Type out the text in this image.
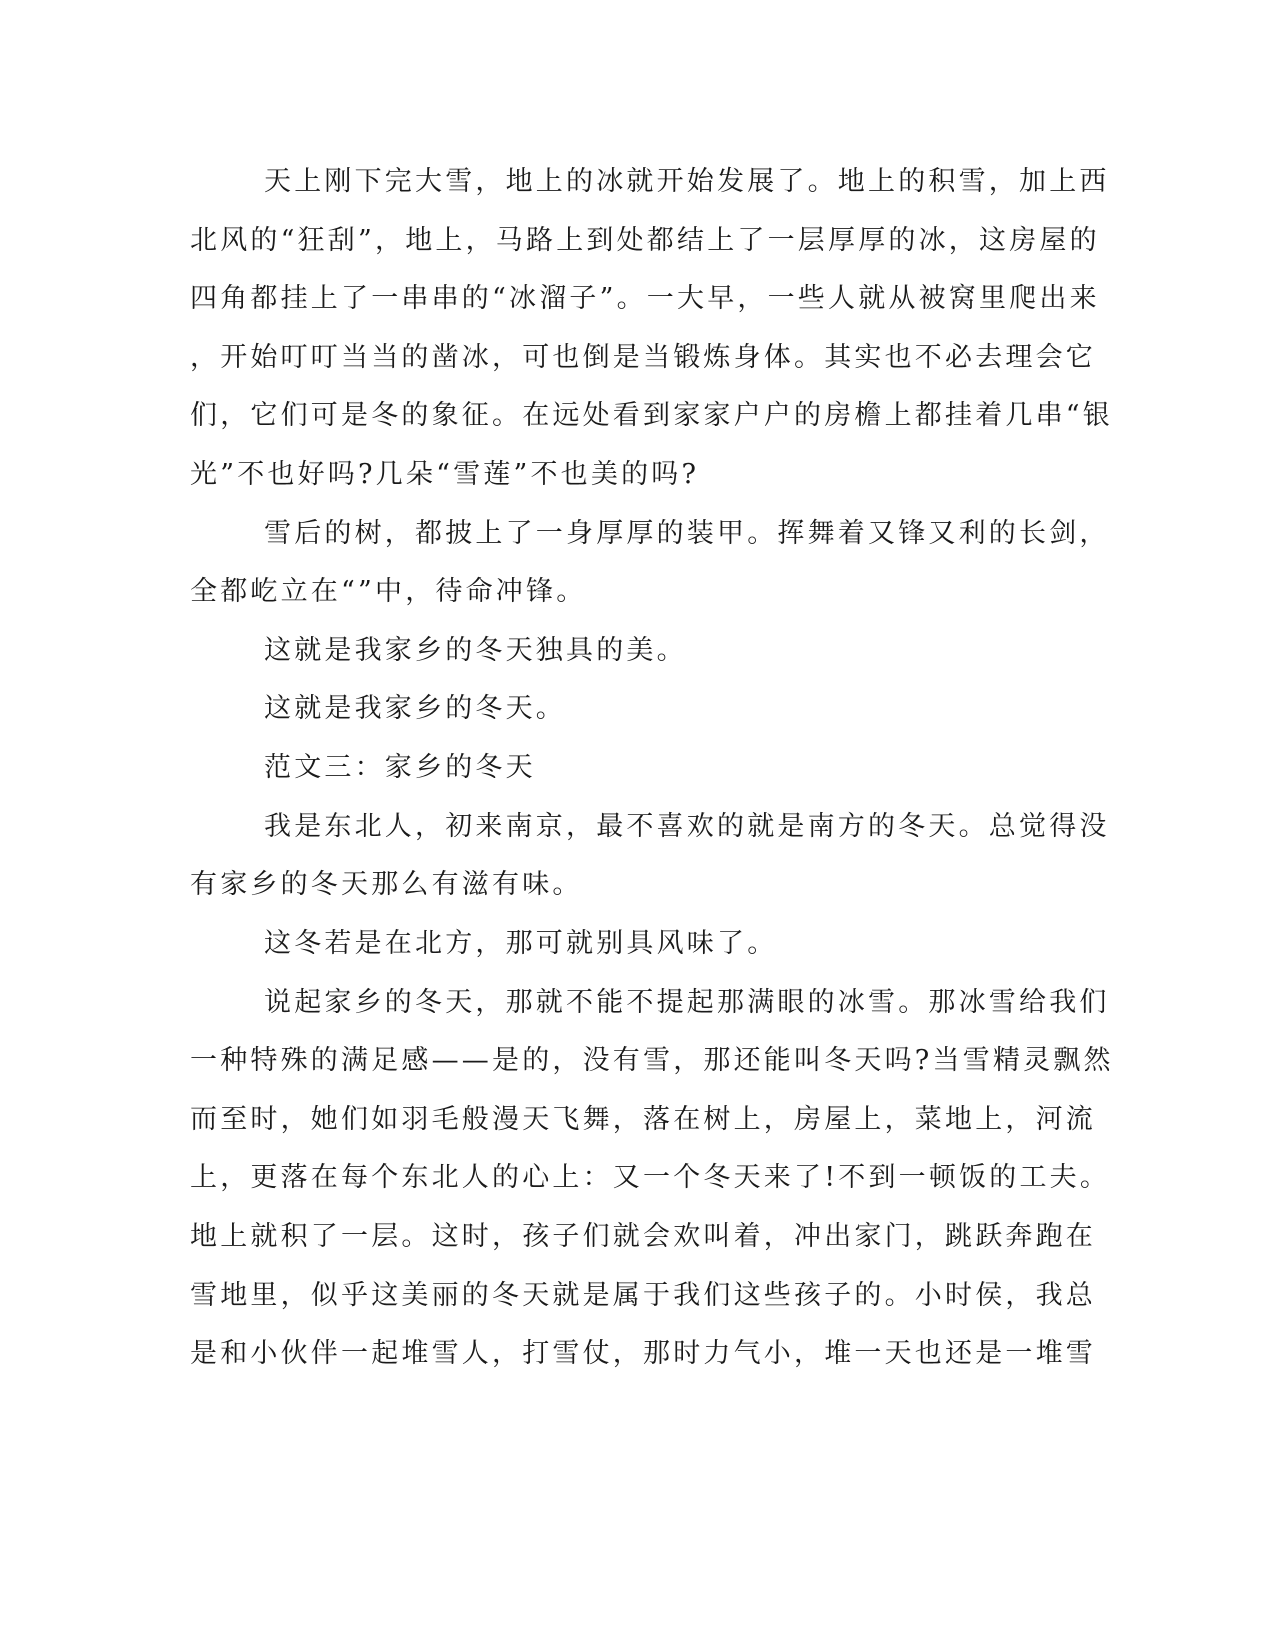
天上刚下完大雪，地上的冰就开始发展了。地上的积雪，加上西
北风的“狂刮”，地上，马路上到处都结上了一层厚厚的冰，这房屋的
四角都挂上了一串串的“冰溜子”。一大早，一些人就从被窝里爬出来
，开始叮叮当当的凿冰，可也倒是当锻炼身体。其实也不必去理会它
们，它们可是冬的象征。在远处看到家家户户的房檐上都挂着几串“银
光”不也好吗?几朵“雪莲”不也美的吗?
雪后的树，都披上了一身厚厚的装甲。挥舞着又锋又利的长剑，
全都屹立在“”中，待命冲锋。
这就是我家乡的冬天独具的美。
这就是我家乡的冬天。
范文三：家乡的冬天
我是东北人，初来南京，最不喜欢的就是南方的冬天。总觉得没
有家乡的冬天那么有滋有味。
这冬若是在北方，那可就别具风味了。
说起家乡的冬天，那就不能不提起那满眼的冰雪。那冰雪给我们
一种特殊的满足感——是的，没有雪，那还能叫冬天吗?当雪精灵飘然
而至时，她们如羽毛般漫天飞舞，落在树上，房屋上，菜地上，河流
上，更落在每个东北人的心上：又一个冬天来了!不到一顿饭的工夫。
地上就积了一层。这时，孩子们就会欢叫着，冲出家门，跳跃奔跑在
雪地里，似乎这美丽的冬天就是属于我们这些孩子的。小时侯，我总
是和小伙伴一起堆雪人，打雪仗，那时力气小，堆一天也还是一堆雪
